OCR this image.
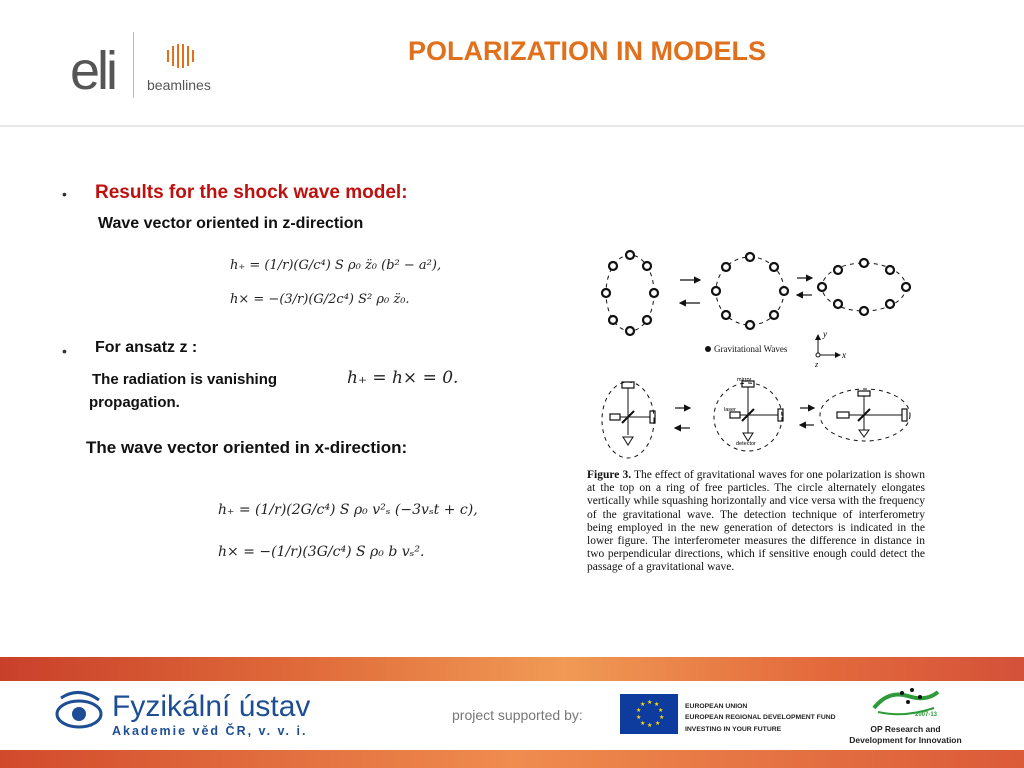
eli beamlines
POLARIZATION IN MODELS
• Results for the shock wave model:
Wave vector oriented in z-direction
h₊ = (1/r)(G/c⁴) S ρ₀ z̈₀ (b² − a²),
h× = −(3/r)(G/2c⁴) S² ρ₀ z̈₀.
• For ansatz z :
The radiation is vanishing
propagation.
h₊ = h× = 0.
The wave vector oriented in x-direction:
h₊ = (1/r)(2G/c⁴) S ρ₀ v²ₛ (−3vₛt + c),
h× = −(1/r)(3G/c⁴) S ρ₀ b vₛ².
Gravitational Waves
y
x
z
mirror
laser
detector
Figure 3. The effect of gravitational waves for one polarization is shown at the top on a ring of free particles. The circle alternately elongates vertically while squashing horizontally and vice versa with the frequency of the gravitational wave. The detection technique of interferometry being employed in the new generation of detectors is indicated in the lower figure. The interferometer measures the difference in distance in two perpendicular directions, which if sensitive enough could detect the passage of a gravitational wave.
Fyzikální ústav
Akademie věd ČR, v. v. i.
project supported by:
★ ★
★
★
★
★
★
★
★
★	EUROPEAN UNION
EUROPEAN REGIONAL DEVELOPMENT FUND
INVESTING IN YOUR FUTURE
2007-13
OP Research and
Development for Innovation
